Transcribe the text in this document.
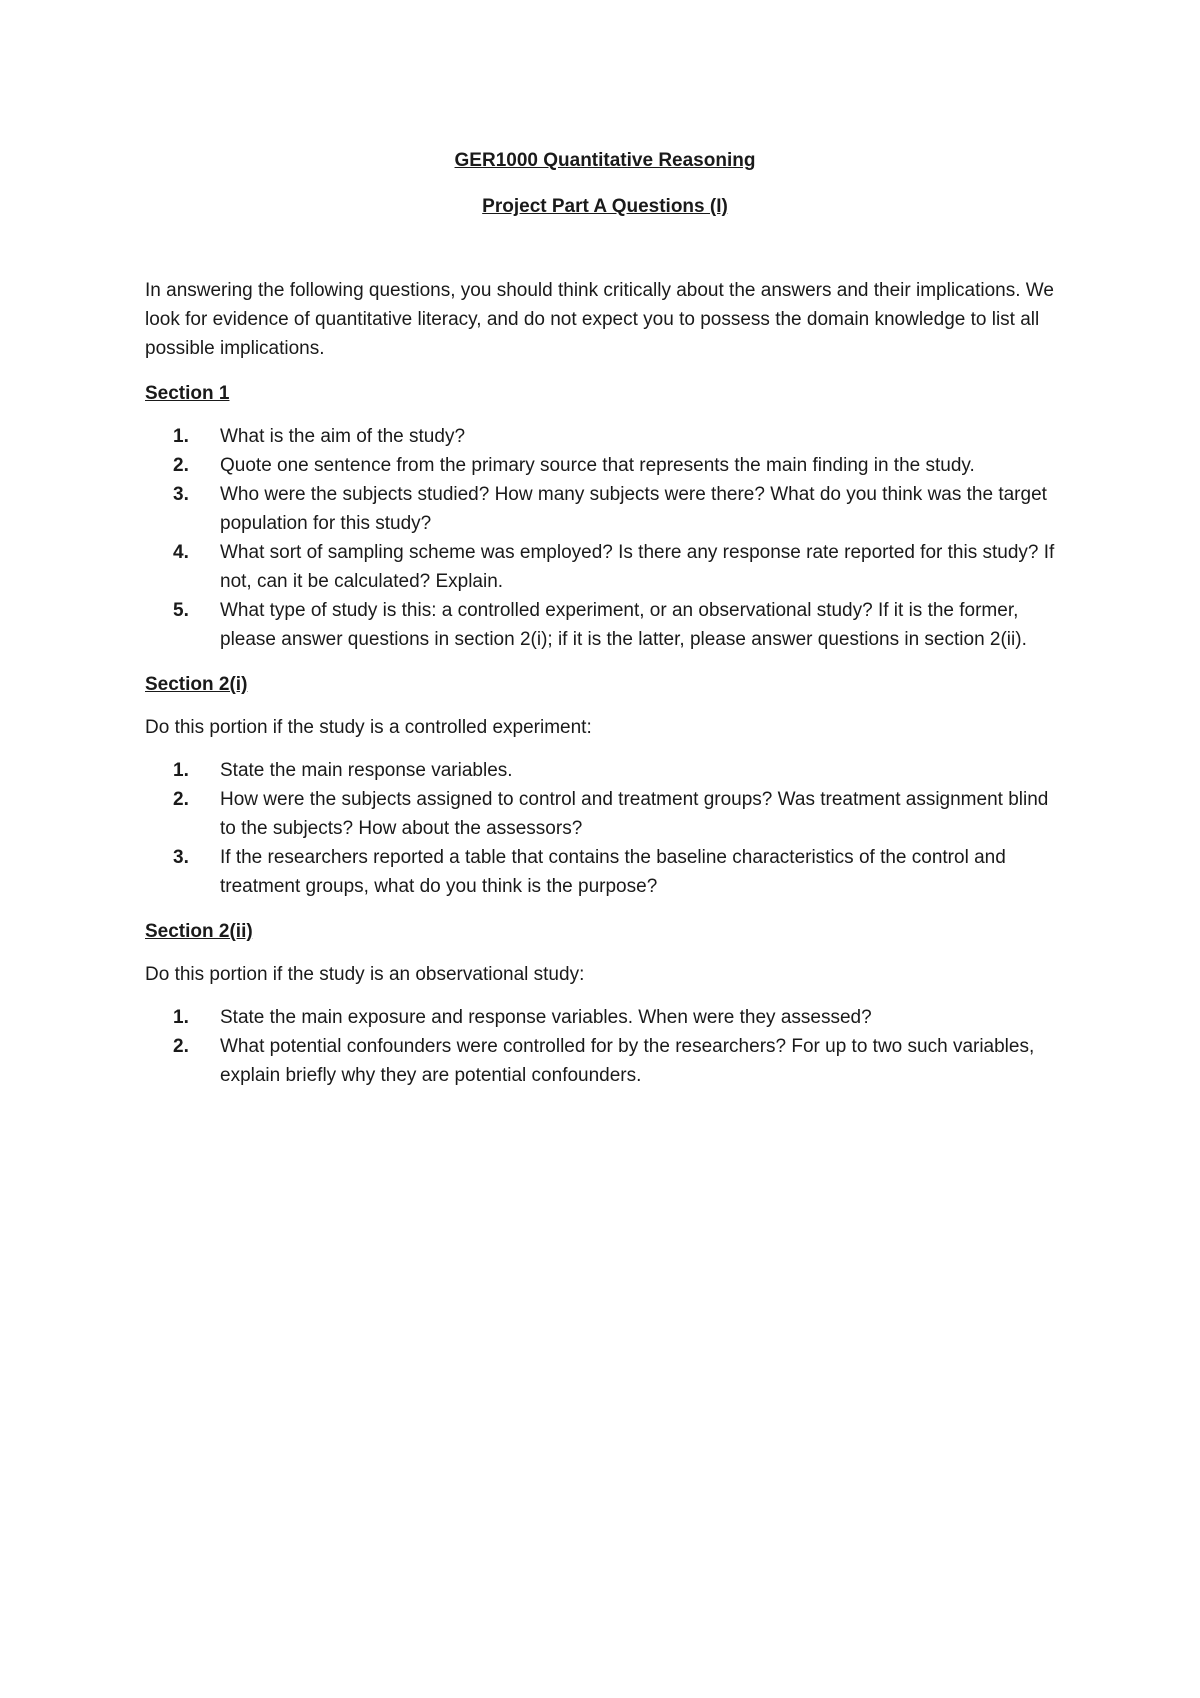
GER1000 Quantitative Reasoning

Project Part A Questions (I)

In answering the following questions, you should think critically about the answers and their implications. We look for evidence of quantitative literacy, and do not expect you to possess the domain knowledge to list all possible implications.

Section 1

1.	What is the aim of the study?
2.	Quote one sentence from the primary source that represents the main finding in the study.
3.	Who were the subjects studied? How many subjects were there? What do you think was the target population for this study?
4.	What sort of sampling scheme was employed? Is there any response rate reported for this study? If not, can it be calculated? Explain.
5.	What type of study is this: a controlled experiment, or an observational study? If it is the former, please answer questions in section 2(i); if it is the latter, please answer questions in section 2(ii).

Section 2(i)

Do this portion if the study is a controlled experiment:

1.	State the main response variables.
2.	How were the subjects assigned to control and treatment groups? Was treatment assignment blind to the subjects? How about the assessors?
3.	If the researchers reported a table that contains the baseline characteristics of the control and treatment groups, what do you think is the purpose?

Section 2(ii)

Do this portion if the study is an observational study:

1.	State the main exposure and response variables. When were they assessed?
2.	What potential confounders were controlled for by the researchers? For up to two such variables, explain briefly why they are potential confounders.
